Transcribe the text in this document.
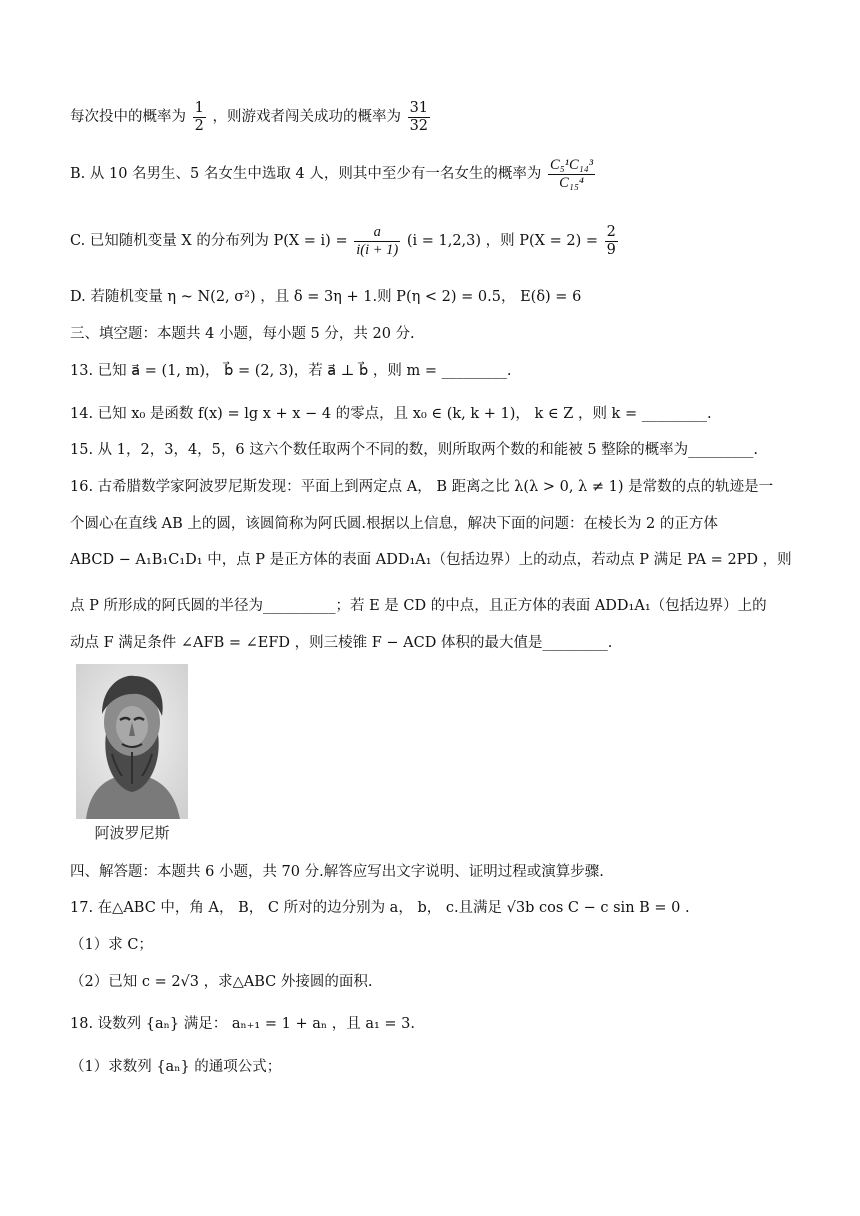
每次投中的概率为 $\frac{1}{2}$ ，则游戏者闯关成功的概率为 $\frac{31}{32}$
B. 从 10 名男生、5 名女生中选取 4 人，则其中至少有一名女生的概率为 $\frac{\text{C₅¹C₁₄³}}{\text{C₁₅⁴}}$
C. 已知随机变量 X 的分布列为 $P(X = i) = \frac{a}{i(i + 1)} (i = 1,2,3)$ ，则 $P(X = 2) = \frac{2}{9}$
D. 若随机变量 η ~ N(2, σ²) ，且 δ = 3η + 1.则 P(η < 2) = 0.5， E(δ) = 6
三、填空题：本题共 4 小题，每小题 5 分，共 20 分.
13. 已知 a⃗ = (1, m)， b⃗ = (2, 3)，若 a⃗ ⊥ b⃗ ，则 m = _________.
14. 已知 x₀ 是函数 f(x) = lg x + x − 4 的零点，且 x₀ ∈ (k, k + 1)， k ∈ Z ，则 k = _________.
15. 从 1，2，3，4，5，6 这六个数任取两个不同的数，则所取两个数的和能被 5 整除的概率为_________.
16. 古希腊数学家阿波罗尼斯发现：平面上到两定点 A， B 距离之比 λ(λ > 0, λ ≠ 1) 是常数的点的轨迹是一
个圆心在直线 AB 上的圆，该圆简称为阿氏圆.根据以上信息，解决下面的问题：在棱长为 2 的正方体
ABCD − A₁B₁C₁D₁ 中，点 P 是正方体的表面 ADD₁A₁（包括边界）上的动点，若动点 P 满足 PA = 2PD ，则
点 P 所形成的阿氏圆的半径为__________；若 E 是 CD 的中点，且正方体的表面 ADD₁A₁（包括边界）上的
动点 F 满足条件 ∠AFB = ∠EFD ，则三棱锥 F − ACD 体积的最大值是_________.
阿波罗尼斯
四、解答题：本题共 6 小题，共 70 分.解答应写出文字说明、证明过程或演算步骤.
17. 在△ABC 中，角 A， B， C 所对的边分别为 a， b， c.且满足 √3b cos C − c sin B = 0 .
（1）求 C；
（2）已知 c = 2√3 ，求△ABC 外接圆的面积.
18. 设数列 {aₙ} 满足： aₙ₊₁ = 1 + aₙ ，且 a₁ = 3.
（1）求数列 {aₙ} 的通项公式；
